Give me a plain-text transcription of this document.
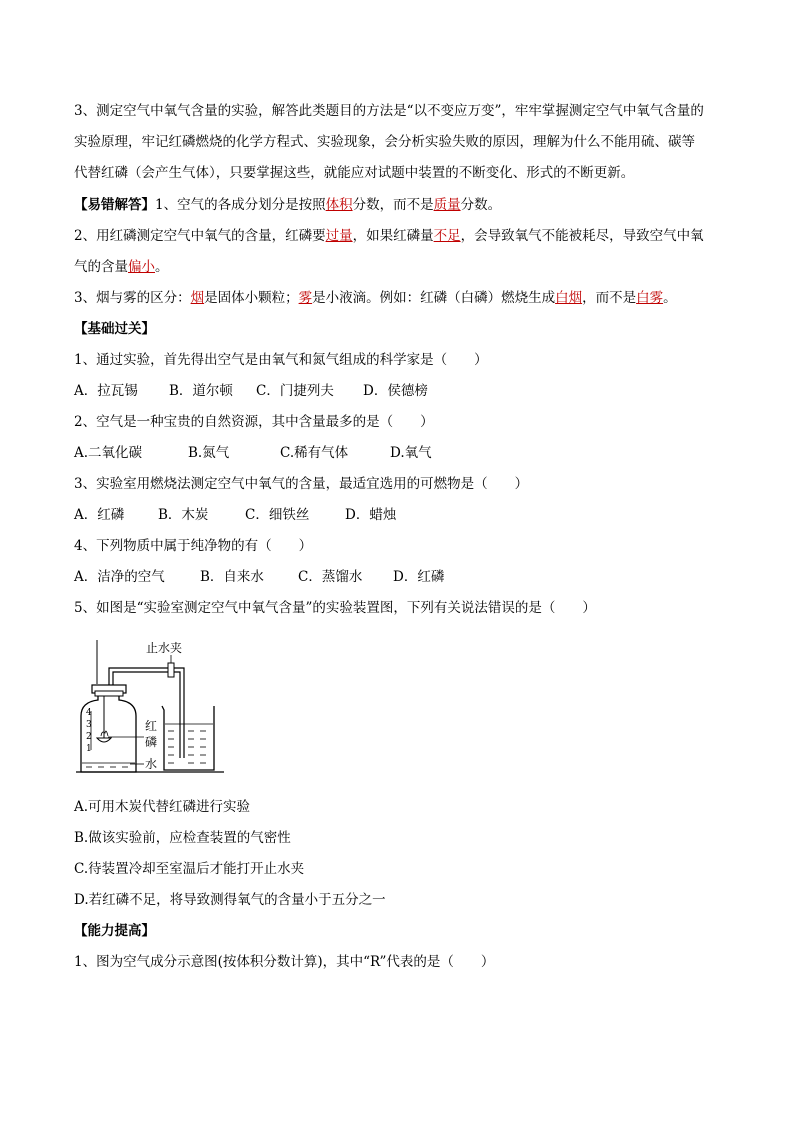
3、测定空气中氧气含量的实验，解答此类题目的方法是“以不变应万变”，牢牢掌握测定空气中氧气含量的
实验原理，牢记红磷燃烧的化学方程式、实验现象，会分析实验失败的原因，理解为什么不能用硫、碳等
代替红磷（会产生气体），只要掌握这些，就能应对试题中装置的不断变化、形式的不断更新。
【易错解答】1、空气的各成分划分是按照体积分数，而不是质量分数。
2、用红磷测定空气中氧气的含量，红磷要过量，如果红磷量不足，会导致氧气不能被耗尽，导致空气中氧
气的含量偏小。
3、烟与雾的区分：烟是固体小颗粒；雾是小液滴。例如：红磷（白磷）燃烧生成白烟，而不是白雾。
【基础过关】
1、通过实验，首先得出空气是由氧气和氮气组成的科学家是（　　）
A．拉瓦锡 B．道尔顿 C．门捷列夫 D．侯德榜
2、空气是一种宝贵的自然资源，其中含量最多的是（　　）
A.二氧化碳	B.氮气	C.稀有气体	D.氧气
3、实验室用燃烧法测定空气中氧气的含量，最适宜选用的可燃物是（　　）
A．红磷	B．木炭	C．细铁丝	D．蜡烛
4、下列物质中属于纯净物的有（　　）
A．洁净的空气	B．自来水	C．蒸馏水 D．红磷
5、如图是“实验室测定空气中氧气含量”的实验装置图，下列有关说法错误的是（　　）
4
3
2
1
止水夹
红
磷
水
A.可用木炭代替红磷进行实验
B.做该实验前，应检查装置的气密性
C.待装置冷却至室温后才能打开止水夹
D.若红磷不足，将导致测得氧气的含量小于五分之一
【能力提高】
1、图为空气成分示意图(按体积分数计算)，其中“R”代表的是（　　）
